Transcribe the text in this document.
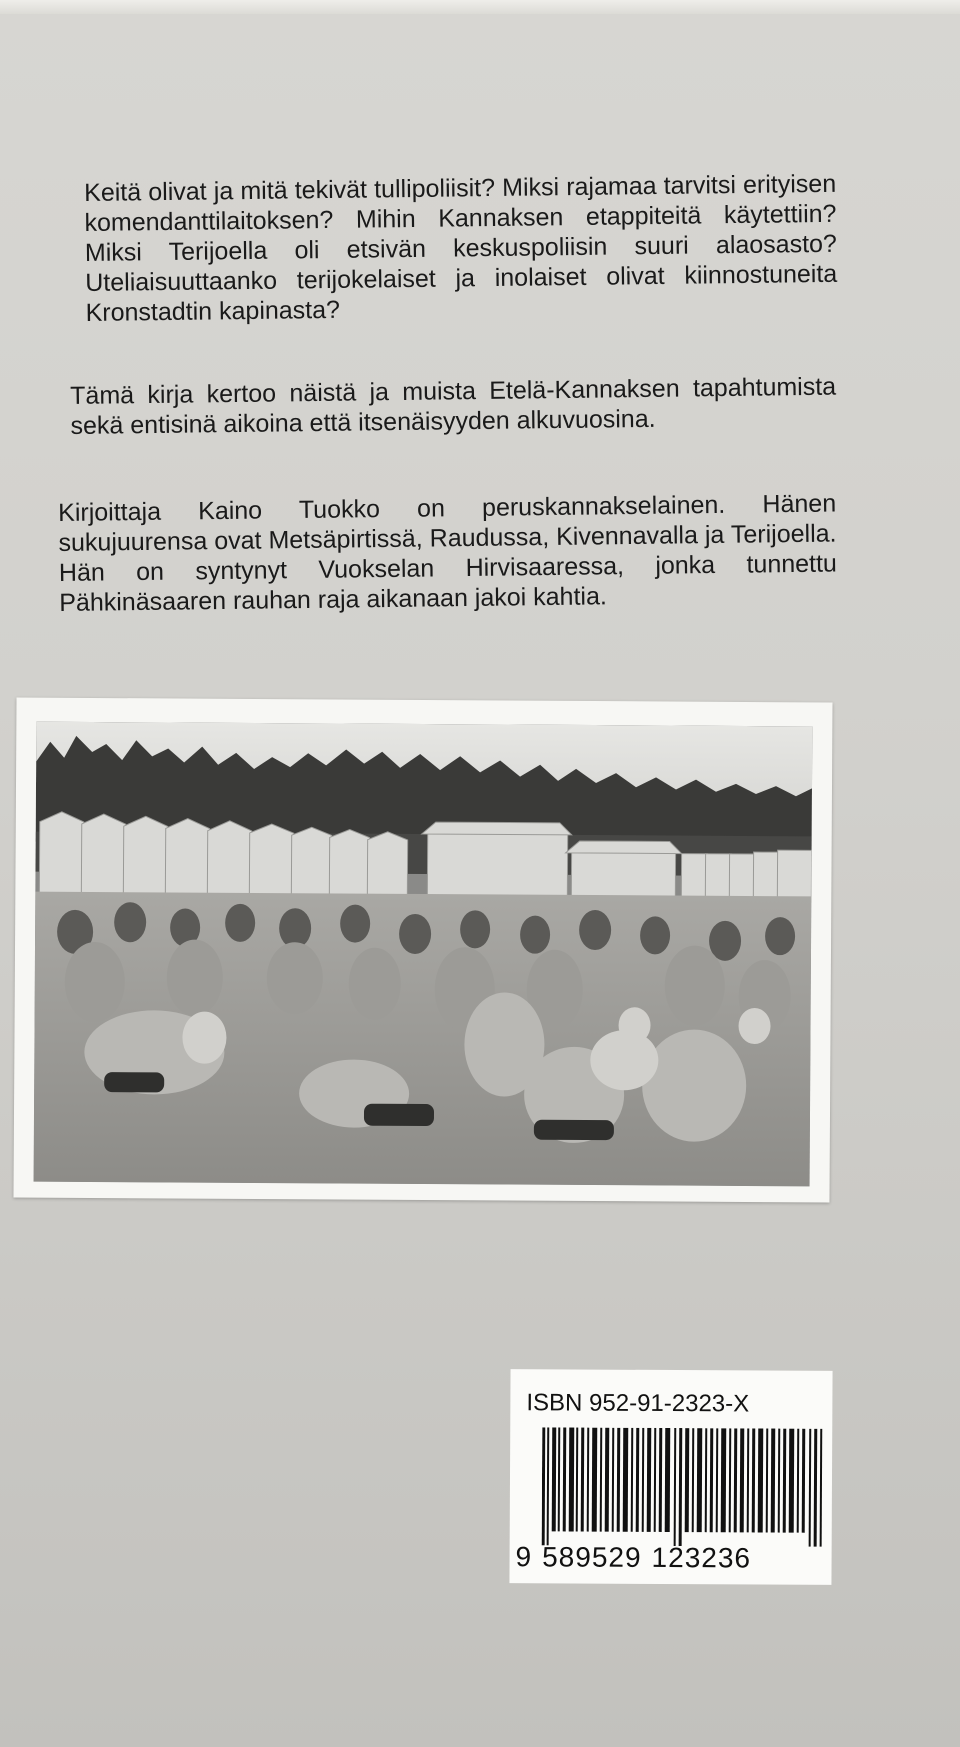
Keitä olivat ja mitä tekivät tullipoliisit? Miksi rajamaa tarvitsi erityisen komendanttilaitoksen? Mihin Kannaksen etappiteitä käytettiin? Miksi Terijoella oli etsivän keskuspoliisin suuri alaosasto? Uteliaisuuttaanko terijokelaiset ja inolaiset olivat kiinnostuneita Kronstadtin kapinasta?

Tämä kirja kertoo näistä ja muista Etelä-Kannaksen tapahtumista sekä entisinä aikoina että itsenäisyyden alkuvuosina.

Kirjoittaja Kaino Tuokko on peruskannakselainen. Hänen sukujuurensa ovat Metsäpirtissä, Raudussa, Kivennavalla ja Terijoella. Hän on syntynyt Vuokselan Hirvisaaressa, jonka tunnettu Pähkinäsaaren rauhan raja aikanaan jakoi kahtia.

ISBN 952-91-2323-X

9 589529 123236
